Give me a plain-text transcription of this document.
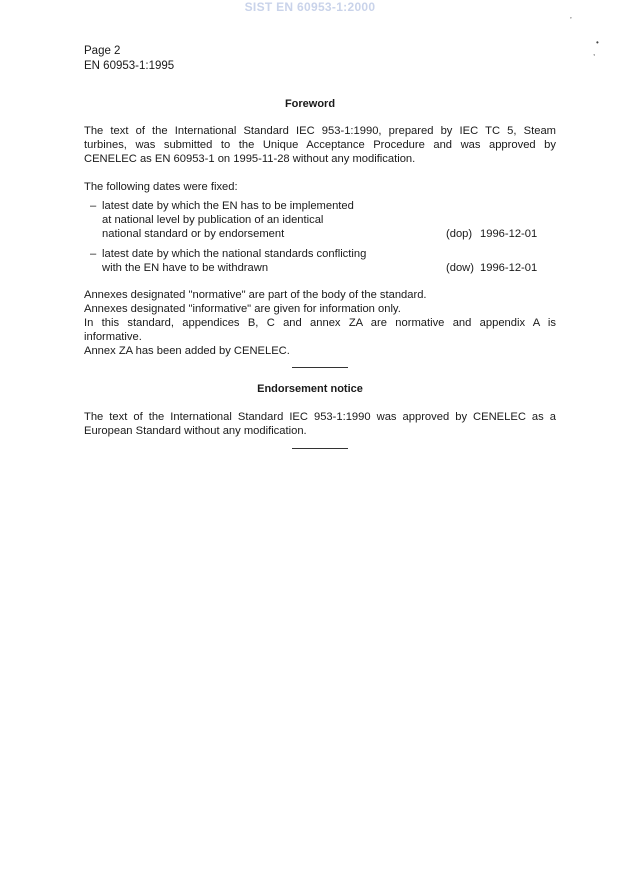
SIST EN 60953-1:2000
’
•
,
Page 2
EN 60953-1:1995
Foreword
The text of the International Standard IEC 953-1:1990, prepared by IEC TC 5, Steam
turbines, was submitted to the Unique Acceptance Procedure and was approved by
CENELEC as EN 60953-1 on 1995-11-28 without any modification.
The following dates were fixed:
– latest date by which the EN has to be implemented
at national level by publication of an identical
national standard or by endorsement	(dop) 1996-12-01
– latest date by which the national standards conflicting
with the EN have to be withdrawn	(dow) 1996-12-01
Annexes designated "normative" are part of the body of the standard.
Annexes designated "informative" are given for information only.
In this standard, appendices B, C and annex ZA are normative and appendix A is
informative.
Annex ZA has been added by CENELEC.
Endorsement notice
The text of the International Standard IEC 953-1:1990 was approved by CENELEC as a
European Standard without any modification.
